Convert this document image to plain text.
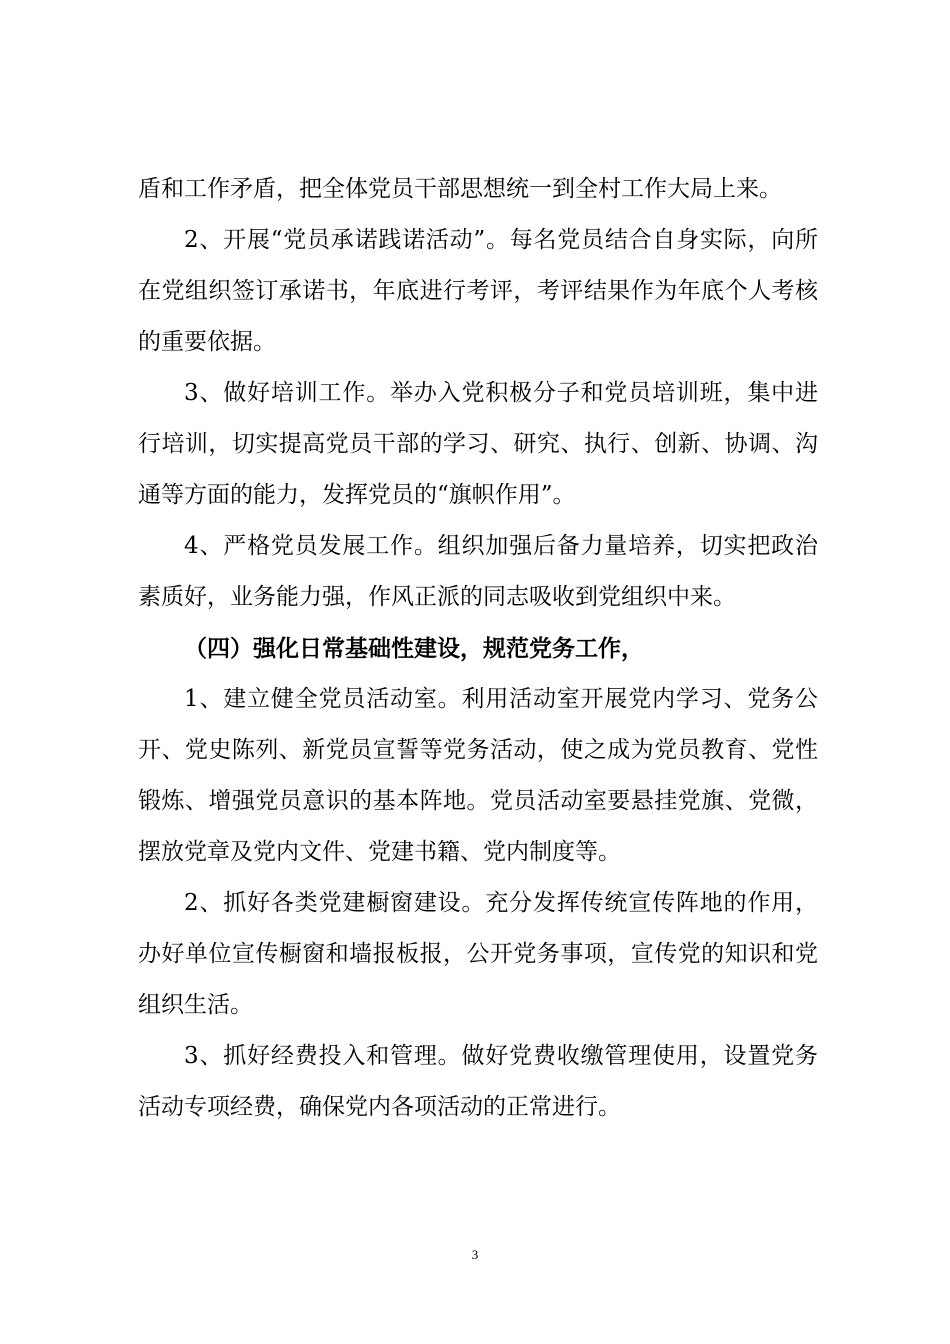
盾和工作矛盾，把全体党员干部思想统一到全村工作大局上来。

2、开展“党员承诺践诺活动”。每名党员结合自身实际，向所在党组织签订承诺书，年底进行考评，考评结果作为年底个人考核的重要依据。

3、做好培训工作。举办入党积极分子和党员培训班，集中进行培训，切实提高党员干部的学习、研究、执行、创新、协调、沟通等方面的能力，发挥党员的“旗帜作用”。

4、严格党员发展工作。组织加强后备力量培养，切实把政治素质好，业务能力强，作风正派的同志吸收到党组织中来。

（四）强化日常基础性建设，规范党务工作，

1、建立健全党员活动室。利用活动室开展党内学习、党务公开、党史陈列、新党员宣誓等党务活动，使之成为党员教育、党性锻炼、增强党员意识的基本阵地。党员活动室要悬挂党旗、党微，摆放党章及党内文件、党建书籍、党内制度等。

2、抓好各类党建橱窗建设。充分发挥传统宣传阵地的作用，办好单位宣传橱窗和墙报板报，公开党务事项，宣传党的知识和党组织生活。

3、抓好经费投入和管理。做好党费收缴管理使用，设置党务活动专项经费，确保党内各项活动的正常进行。

3
